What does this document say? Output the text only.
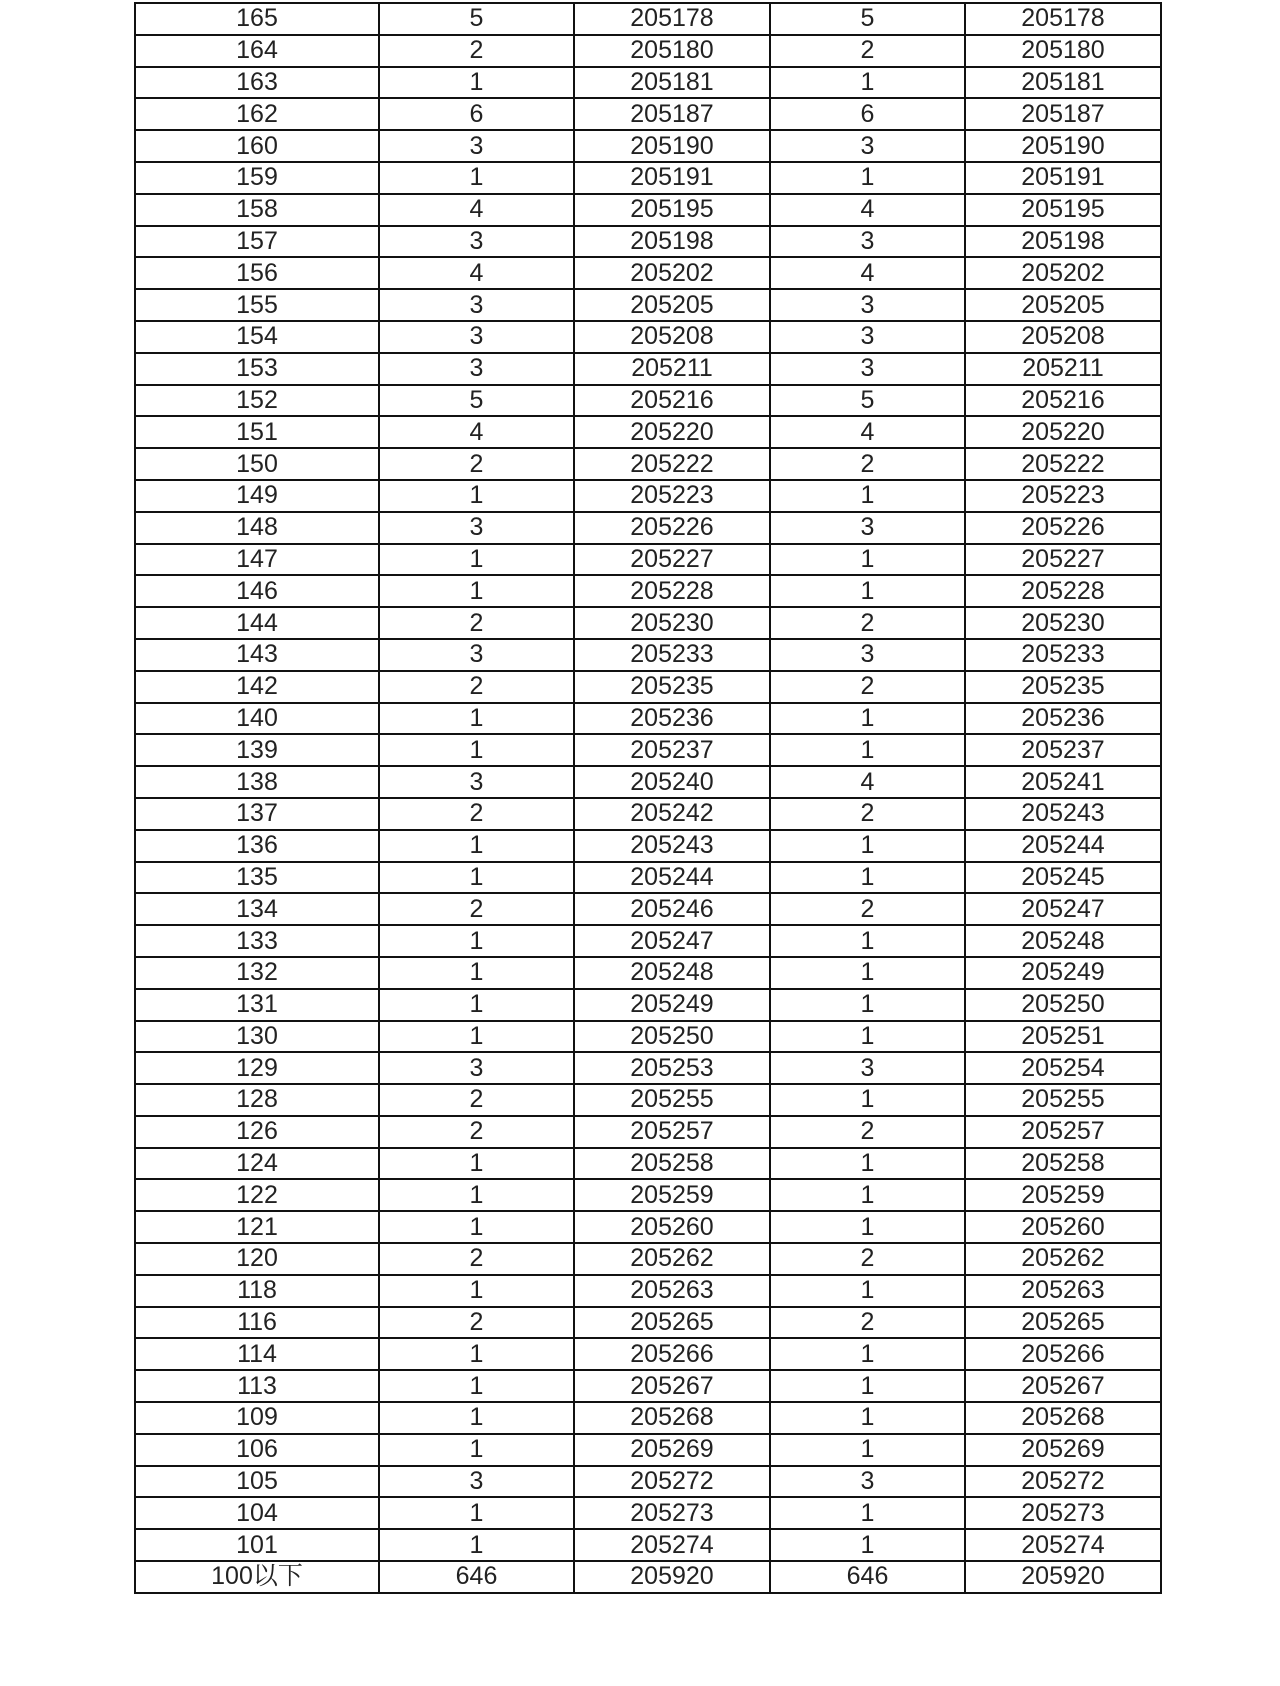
165	5	205178	5	205178
164	2	205180	2	205180
163	1	205181	1	205181
162	6	205187	6	205187
160	3	205190	3	205190
159	1	205191	1	205191
158	4	205195	4	205195
157	3	205198	3	205198
156	4	205202	4	205202
155	3	205205	3	205205
154	3	205208	3	205208
153	3	205211	3	205211
152	5	205216	5	205216
151	4	205220	4	205220
150	2	205222	2	205222
149	1	205223	1	205223
148	3	205226	3	205226
147	1	205227	1	205227
146	1	205228	1	205228
144	2	205230	2	205230
143	3	205233	3	205233
142	2	205235	2	205235
140	1	205236	1	205236
139	1	205237	1	205237
138	3	205240	4	205241
137	2	205242	2	205243
136	1	205243	1	205244
135	1	205244	1	205245
134	2	205246	2	205247
133	1	205247	1	205248
132	1	205248	1	205249
131	1	205249	1	205250
130	1	205250	1	205251
129	3	205253	3	205254
128	2	205255	1	205255
126	2	205257	2	205257
124	1	205258	1	205258
122	1	205259	1	205259
121	1	205260	1	205260
120	2	205262	2	205262
118	1	205263	1	205263
116	2	205265	2	205265
114	1	205266	1	205266
113	1	205267	1	205267
109	1	205268	1	205268
106	1	205269	1	205269
105	3	205272	3	205272
104	1	205273	1	205273
101	1	205274	1	205274
100以下	646	205920	646	205920
